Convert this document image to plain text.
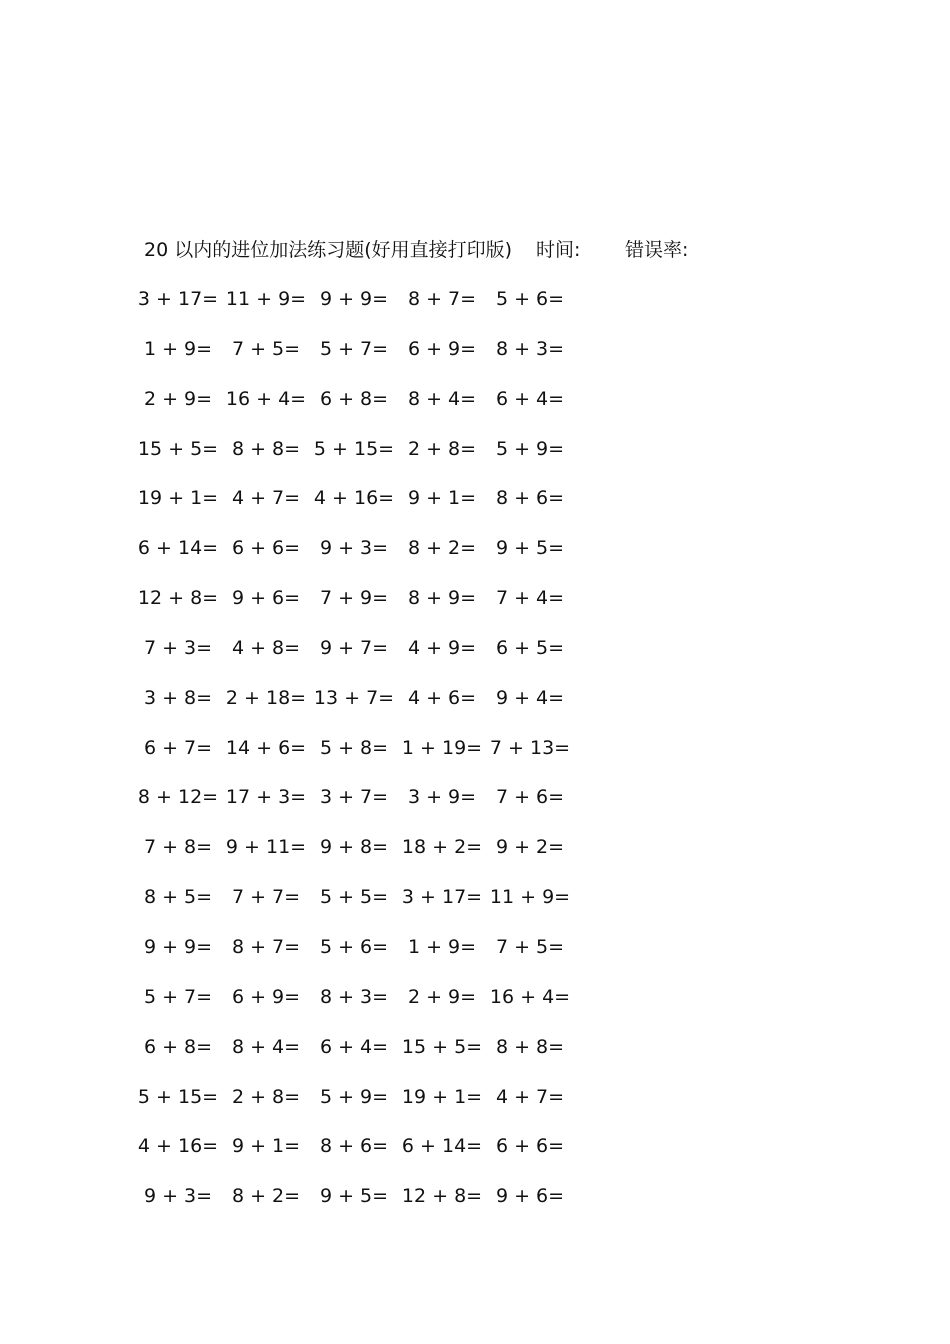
20 以内的进位加法练习题(好用直接打印版) 时间: 错误率:
3 + 17= 11 + 9= 9 + 9=	8 + 7=	5 + 6=
1 + 9=	7 + 5=	5 + 7=	6 + 9=	8 + 3=
2 + 9= 16 + 4= 6 + 8=	8 + 4=	6 + 4=
15 + 5= 8 + 8= 5 + 15= 2 + 8=	5 + 9=
19 + 1= 4 + 7= 4 + 16= 9 + 1=	8 + 6=
6 + 14= 6 + 6=	9 + 3=	8 + 2=	9 + 5=
12 + 8= 9 + 6=	7 + 9=	8 + 9=	7 + 4=
7 + 3=	4 + 8=	9 + 7=	4 + 9=	6 + 5=
3 + 8= 2 + 18= 13 + 7= 4 + 6=	9 + 4=
6 + 7= 14 + 6= 5 + 8= 1 + 19= 7 + 13=
8 + 12= 17 + 3= 3 + 7=	3 + 9=	7 + 6=
7 + 8= 9 + 11= 9 + 8= 18 + 2= 9 + 2=
8 + 5=	7 + 7=	5 + 5= 3 + 17= 11 + 9=
9 + 9=	8 + 7=	5 + 6=	1 + 9=	7 + 5=
5 + 7=	6 + 9=	8 + 3=	2 + 9= 16 + 4=
6 + 8=	8 + 4=	6 + 4= 15 + 5= 8 + 8=
5 + 15= 2 + 8=	5 + 9= 19 + 1= 4 + 7=
4 + 16= 9 + 1=	8 + 6= 6 + 14= 6 + 6=
9 + 3=	8 + 2=	9 + 5= 12 + 8= 9 + 6=
